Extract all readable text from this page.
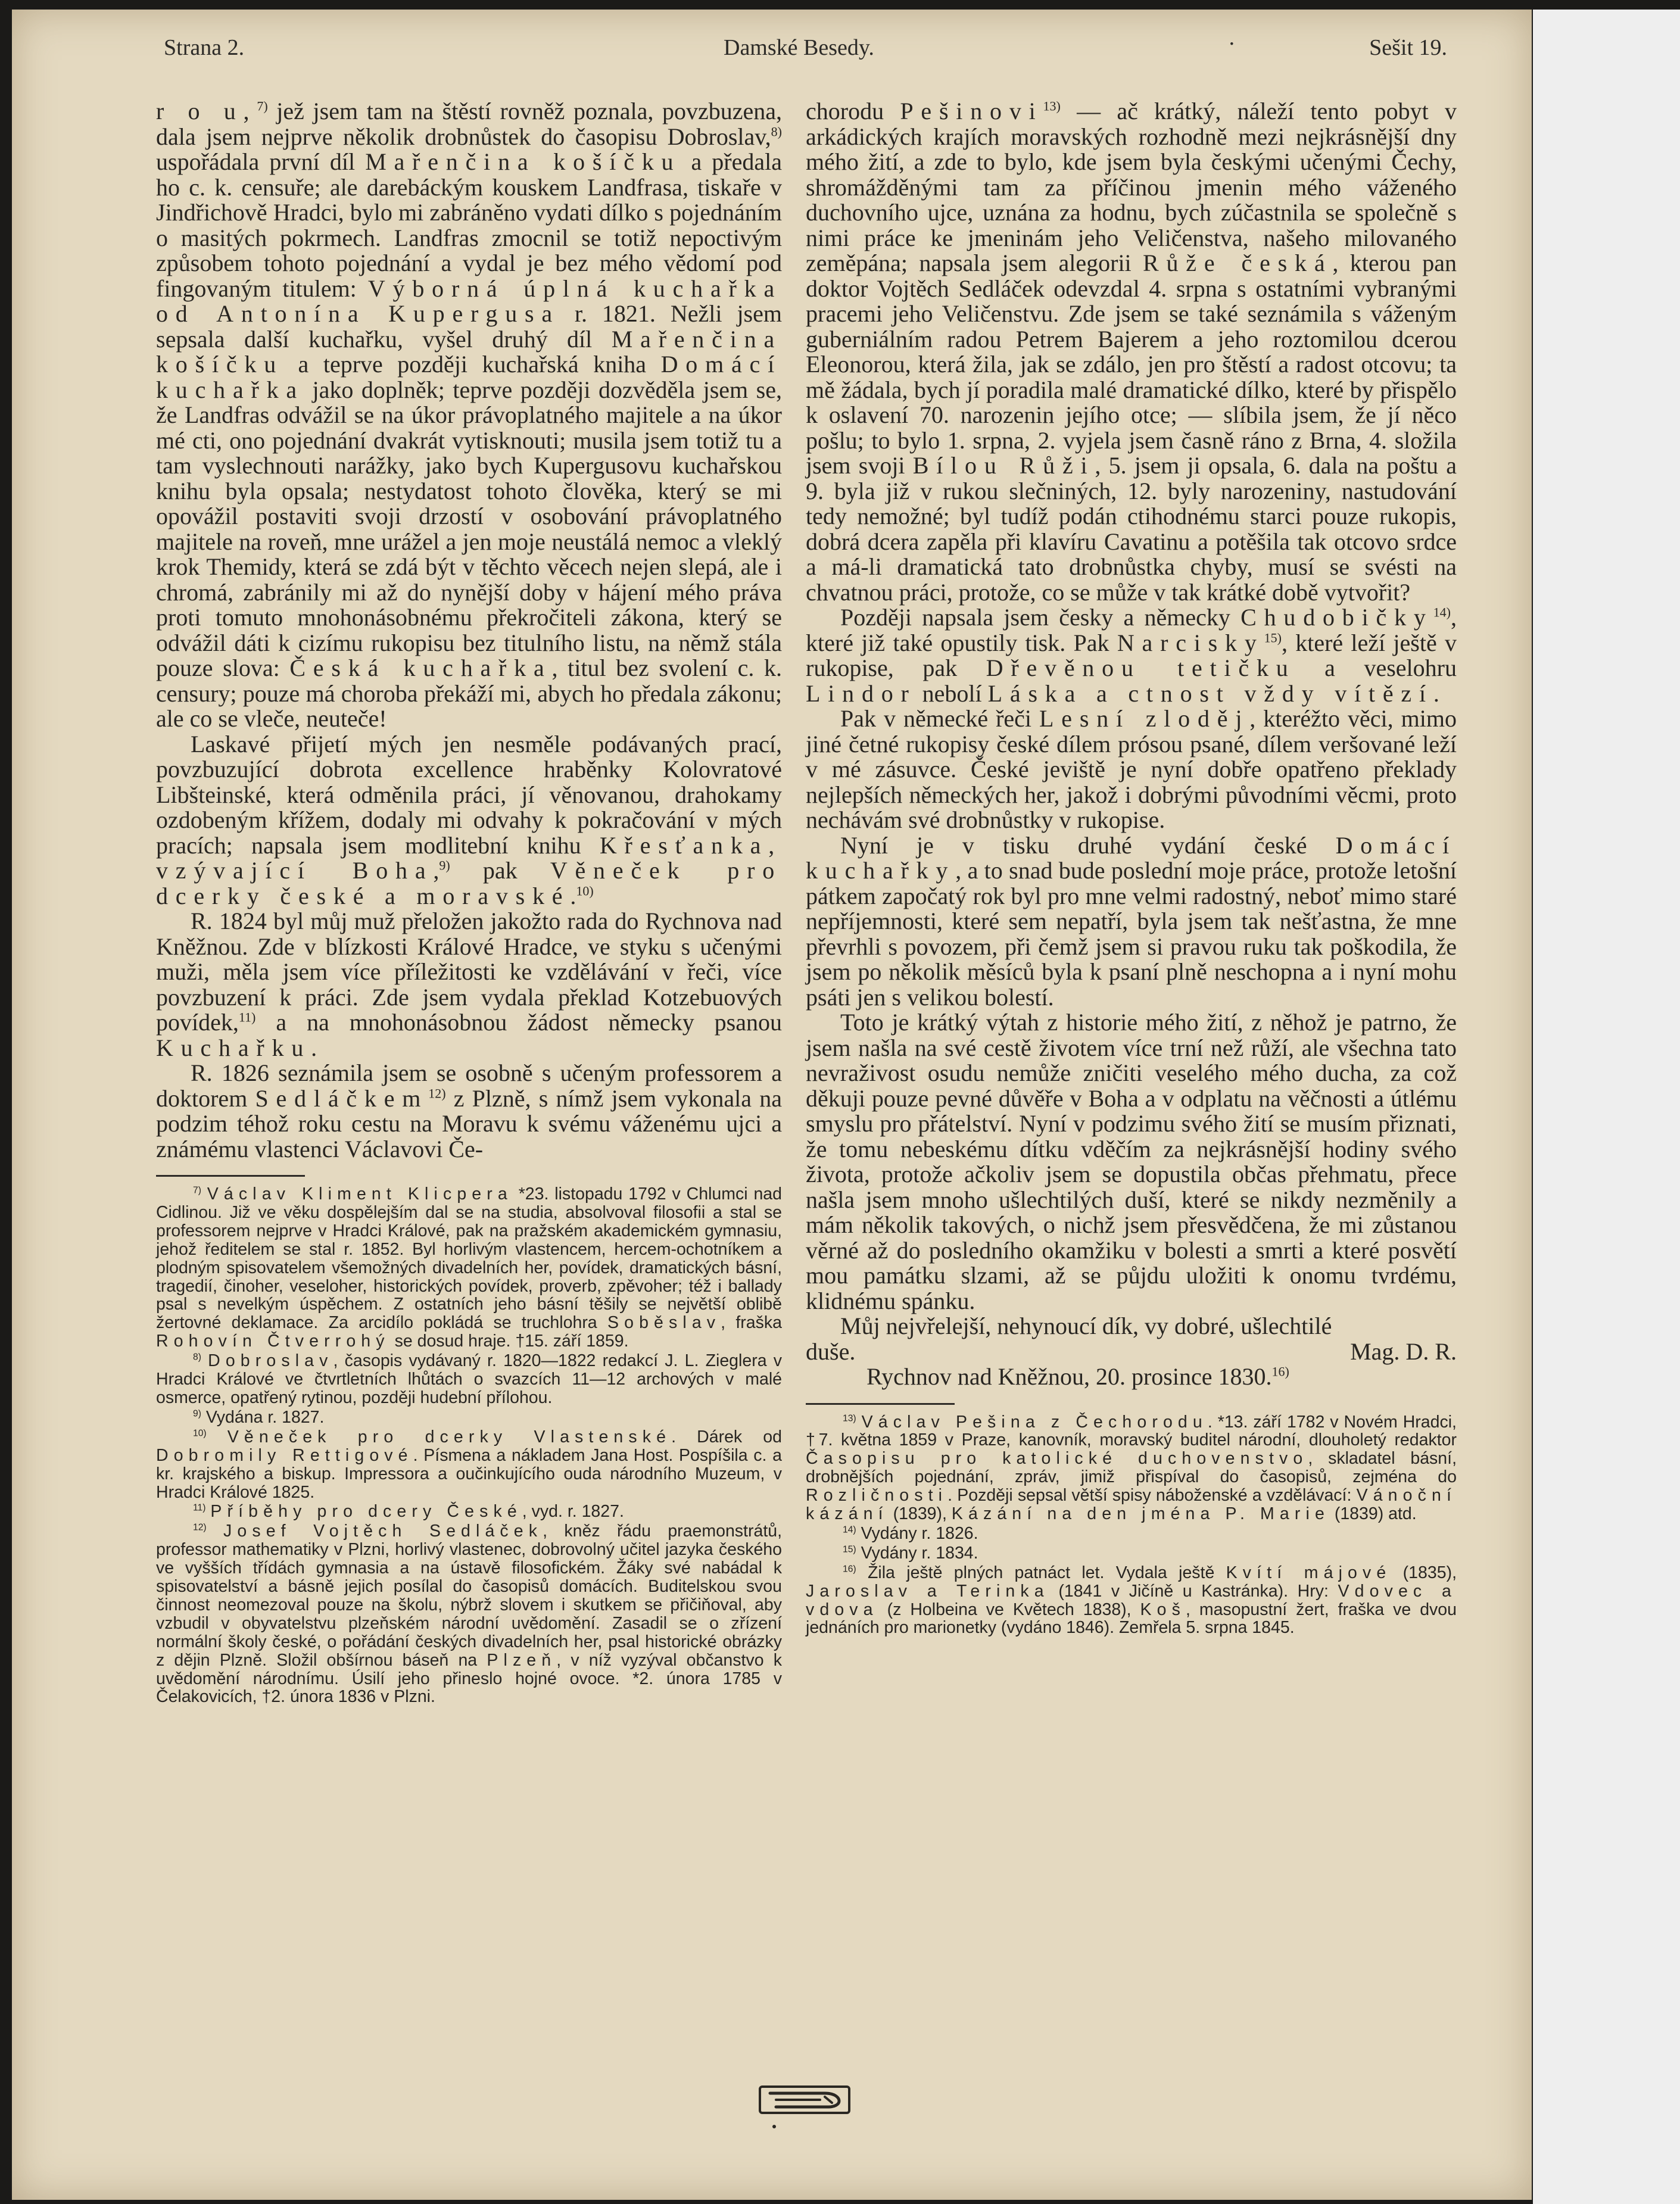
Strana 2.	Damské Besedy.	·	Sešit 19.

r o u,$^{7)}$ jež jsem tam na štěstí rovněž poznala, povzbuzena, dala jsem nejprve několik drobnůstek do časopisu Dobroslav,$^{8)}$ uspořádala první díl Mařenčina košíčku a předala ho c. k. censuře; ale darebáckým kouskem Landfrasa, tiskaře v Jindřichově Hradci, bylo mi zabráněno vydati dílko s pojednáním o masitých pokrmech. Landfras zmocnil se totiž nepoctivým způsobem tohoto pojednání a vydal je bez mého vědomí pod fingovaným titulem: Výborná úplná kuchařka od Antonína Kupergusa r. 1821. Nežli jsem sepsala další kuchařku, vyšel druhý díl Mařenčina košíčku a teprve později kuchařská kniha Domácí kuchařka jako doplněk; teprve později dozvěděla jsem se, že Landfras odvážil se na úkor právoplatného majitele a na úkor mé cti, ono pojednání dvakrát vytisknouti; musila jsem totiž tu a tam vyslechnouti narážky, jako bych Kupergusovu kuchařskou knihu byla opsala; nestydatost tohoto člověka, který se mi opovážil postaviti svoji drzostí v osobování právoplatného majitele na roveň, mne urážel a jen moje neustálá nemoc a vleklý krok Themidy, která se zdá být v těchto věcech nejen slepá, ale i chromá, zabránily mi až do nynější doby v hájení mého práva proti tomuto mnohonásobnému překročiteli zákona, který se odvážil dáti k cizímu rukopisu bez titulního listu, na němž stála pouze slova: Česká kuchařka, titul bez svolení c. k. censury; pouze má choroba překáží mi, abych ho předala zákonu; ale co se vleče, neuteče!

Laskavé přijetí mých jen nesměle podávaných prací, povzbuzující dobrota excellence hraběnky Kolovratové Libšteinské, která odměnila práci, jí věnovanou, drahokamy ozdobeným křížem, dodaly mi odvahy k pokračování v mých pracích; napsala jsem modlitební knihu Křesťanka, vzývající Boha,$^{9)}$ pak Věneček pro dcerky české a moravské.$^{10)}$

R. 1824 byl můj muž přeložen jakožto rada do Rychnova nad Kněžnou. Zde v blízkosti Králové Hradce, ve styku s učenými muži, měla jsem více příležitosti ke vzdělávání v řeči, více povzbuzení k práci. Zde jsem vydala překlad Kotzebuových povídek,$^{11)}$ a na mnohonásobnou žádost německy psanou Kuchařku.

R. 1826 seznámila jsem se osobně s učeným professorem a doktorem Sedláčkem$^{12)}$ z Plzně, s nímž jsem vykonala na podzim téhož roku cestu na Moravu k svému váženému ujci a známému vlastenci Václavovi Če-

$^{7)}$ Václav Kliment Klicpera *23. listopadu 1792 v Chlumci nad Cidlinou. Již ve věku dospělejším dal se na studia, absolvoval filosofii a stal se professorem nejprve v Hradci Králové, pak na pražském akademickém gymnasiu, jehož ředitelem se stal r. 1852. Byl horlivým vlastencem, hercem-ochotníkem a plodným spisovatelem všemožných divadelních her, povídek, dramatických básní, tragedií, činoher, veseloher, historických povídek, proverb, zpěvoher; též i ballady psal s nevelkým úspěchem. Z ostatních jeho básní těšily se největší oblibě žertovné deklamace. Za arcidílo pokládá se truchlohra Soběslav, fraška Rohovín Čtverrohý se dosud hraje. †15. září 1859.

$^{8)}$ Dobroslav, časopis vydávaný r. 1820—1822 redakcí J. L. Zieglera v Hradci Králové ve čtvrtletních lhůtách o svazcích 11—12 archových v malé osmerce, opatřený rytinou, později hudební přílohou.

$^{9)}$ Vydána r. 1827.

$^{10)}$ Věneček pro dcerky Vlastenské. Dárek od Dobromily Rettigové. Písmena a nákladem Jana Host. Pospíšila c. a kr. krajského a biskup. Impressora a oučinkujícího ouda národního Muzeum, v Hradci Králové 1825.

$^{11)}$ Příběhy pro dcery České, vyd. r. 1827.

$^{12)}$ Josef Vojtěch Sedláček, kněz řádu praemonstrátů, professor mathematiky v Plzni, horlivý vlastenec, dobrovolný učitel jazyka českého ve vyšších třídách gymnasia a na ústavě filosofickém. Žáky své nabádal k spisovatelství a básně jejich posílal do časopisů domácích. Buditelskou svou činnost neomezoval pouze na školu, nýbrž slovem i skutkem se přičiňoval, aby vzbudil v obyvatelstvu plzeňském národní uvědomění. Zasadil se o zřízení normální školy české, o pořádání českých divadelních her, psal historické obrázky z dějin Plzně. Složil obšírnou báseň na Plzeň, v níž vyzýval občanstvo k uvědomění národnímu. Úsilí jeho přineslo hojné ovoce. *2. února 1785 v Čelakovicích, †2. února 1836 v Plzni.

chorodu Pešinovi$^{13)}$ — ač krátký, náleží tento pobyt v arkádických krajích moravských rozhodně mezi nejkrásnější dny mého žití, a zde to bylo, kde jsem byla českými učenými Čechy, shromážděnými tam za příčinou jmenin mého váženého duchovního ujce, uznána za hodnu, bych zúčastnila se společně s nimi práce ke jmeninám jeho Veličenstva, našeho milovaného zeměpána; napsala jsem alegorii Růže česká, kterou pan doktor Vojtěch Sedláček odevzdal 4. srpna s ostatními vybranými pracemi jeho Veličenstvu. Zde jsem se také seznámila s váženým guberniálním radou Petrem Bajerem a jeho roztomilou dcerou Eleonorou, která žila, jak se zdálo, jen pro štěstí a radost otcovu; ta mě žádala, bych jí poradila malé dramatické dílko, které by přispělo k oslavení 70. narozenin jejího otce; — slíbila jsem, že jí něco pošlu; to bylo 1. srpna, 2. vyjela jsem časně ráno z Brna, 4. složila jsem svoji Bílou Růži, 5. jsem ji opsala, 6. dala na poštu a 9. byla již v rukou slečniných, 12. byly narozeniny, nastudování tedy nemožné; byl tudíž podán ctihodnému starci pouze rukopis, dobrá dcera zapěla při klavíru Cavatinu a potěšila tak otcovo srdce a má-li dramatická tato drobnůstka chyby, musí se svésti na chvatnou práci, protože, co se může v tak krátké době vytvořit?

Později napsala jsem česky a německy Chudobičky$^{14)}$, které již také opustily tisk. Pak Narcisky$^{15)}$, které leží ještě v rukopise, pak Dřevěnou tetičku a veselohru Lindor nebolí Láska a ctnost vždy vítězí.

Pak v německé řeči Lesní zloděj, kteréžto věci, mimo jiné četné rukopisy české dílem prósou psané, dílem veršované leží v mé zásuvce. České jeviště je nyní dobře opatřeno překlady nejlepších německých her, jakož i dobrými původními věcmi, proto nechávám své drobnůstky v rukopise.

Nyní je v tisku druhé vydání české Domácí kuchařky, a to snad bude poslední moje práce, protože letošní pátkem započatý rok byl pro mne velmi radostný, neboť mimo staré nepříjemnosti, které sem nepatří, byla jsem tak nešťastna, že mne převrhli s povozem, při čemž jsem si pravou ruku tak poškodila, že jsem po několik měsíců byla k psaní plně neschopna a i nyní mohu psáti jen s velikou bolestí.

Toto je krátký výtah z historie mého žití, z něhož je patrno, že jsem našla na své cestě životem více trní než růží, ale všechna tato nevraživost osudu nemůže zničiti veselého mého ducha, za což děkuji pouze pevné důvěře v Boha a v odplatu na věčnosti a útlému smyslu pro přátelství. Nyní v podzimu svého žití se musím přiznati, že tomu nebeskému dítku vděčím za nejkrásnější hodiny svého života, protože ačkoliv jsem se dopustila občas přehmatu, přece našla jsem mnoho ušlechtilých duší, které se nikdy nezměnily a mám několik takových, o nichž jsem přesvědčena, že mi zůstanou věrné až do posledního okamžiku v bolesti a smrti a které posvětí mou památku slzami, až se půjdu uložiti k onomu tvrdému, klidnému spánku.

Můj nejvřelejší, nehynoucí dík, vy dobré, ušlechtilé
duše.	Mag. D. R.
Rychnov nad Kněžnou, 20. prosince 1830.$^{16)}$

$^{13)}$ Václav Pešina z Čechorodu. *13. září 1782 v Novém Hradci, †7. května 1859 v Praze, kanovník, moravský buditel národní, dlouholetý redaktor Časopisu pro katolické duchovenstvo, skladatel básní, drobnějších pojednání, zpráv, jimiž přispíval do časopisů, zejména do Rozličnosti. Později sepsal větší spisy náboženské a vzdělávací: Vánoční kázání (1839), Kázání na den jména P. Marie (1839) atd.

$^{14)}$ Vydány r. 1826.

$^{15)}$ Vydány r. 1834.

$^{16)}$ Žila ještě plných patnáct let. Vydala ještě Kvítí májové (1835), Jaroslav a Terinka (1841 v Jičíně u Kastránka). Hry: Vdovec a vdova (z Holbeina ve Květech 1838), Koš, masopustní žert, fraška ve dvou jednáních pro marionetky (vydáno 1846). Zemřela 5. srpna 1845.
